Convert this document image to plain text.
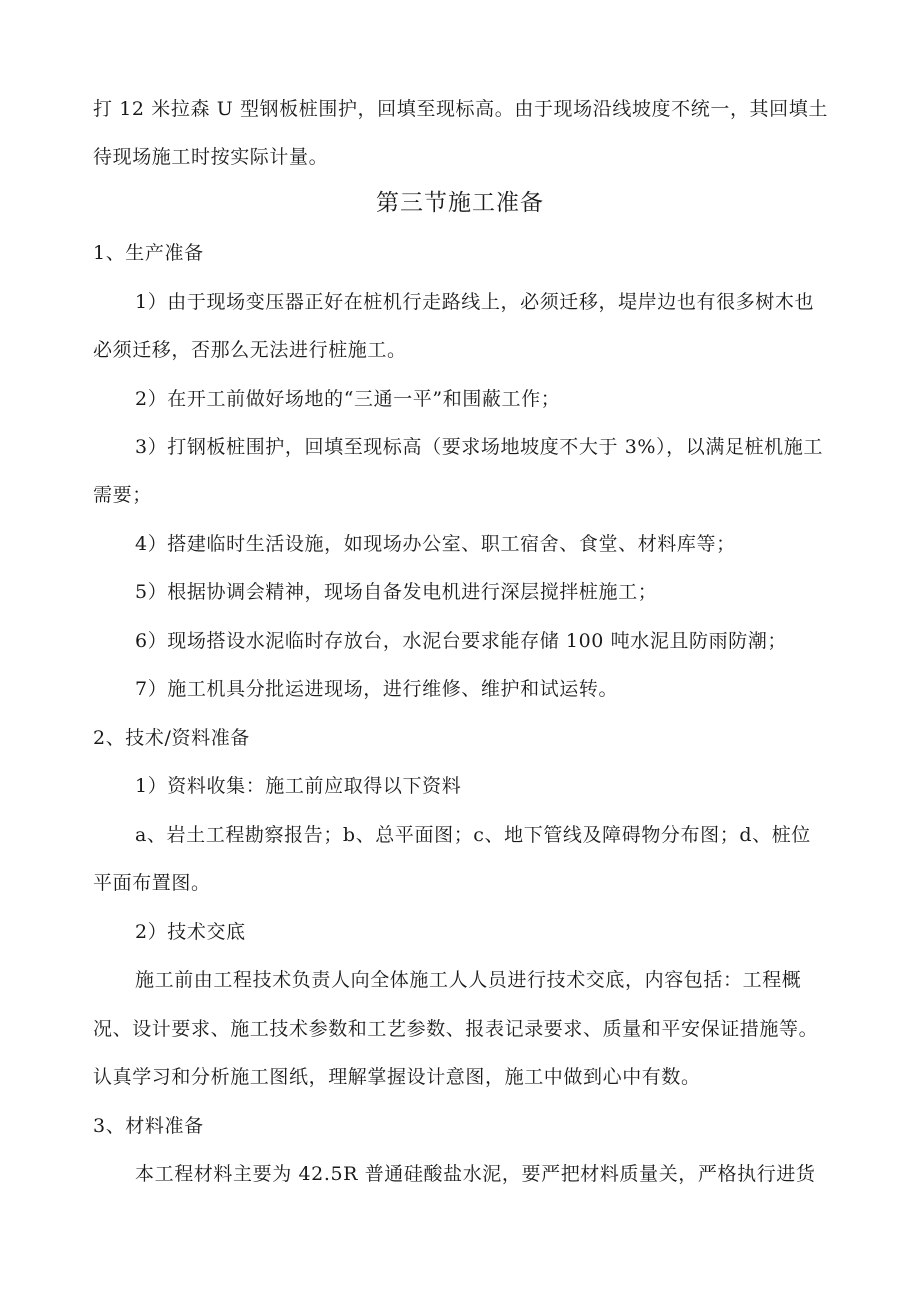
打 12 米拉森 U 型钢板桩围护，回填至现标高。由于现场沿线坡度不统一，其回填土
待现场施工时按实际计量。
第三节施工准备
1、生产准备
1）由于现场变压器正好在桩机行走路线上，必须迁移，堤岸边也有很多树木也
必须迁移，否那么无法进行桩施工。
2）在开工前做好场地的“三通一平”和围蔽工作；
3）打钢板桩围护，回填至现标高（要求场地坡度不大于 3%），以满足桩机施工
需要；
4）搭建临时生活设施，如现场办公室、职工宿舍、食堂、材料库等；
5）根据协调会精神，现场自备发电机进行深层搅拌桩施工；
6）现场搭设水泥临时存放台，水泥台要求能存储 100 吨水泥且防雨防潮；
7）施工机具分批运进现场，进行维修、维护和试运转。
2、技术/资料准备
1）资料收集：施工前应取得以下资料
a、岩土工程勘察报告；b、总平面图；c、地下管线及障碍物分布图；d、桩位
平面布置图。
2）技术交底
施工前由工程技术负责人向全体施工人人员进行技术交底，内容包括：工程概
况、设计要求、施工技术参数和工艺参数、报表记录要求、质量和平安保证措施等。
认真学习和分析施工图纸，理解掌握设计意图，施工中做到心中有数。
3、材料准备
本工程材料主要为 42.5R 普通硅酸盐水泥，要严把材料质量关，严格执行进货
